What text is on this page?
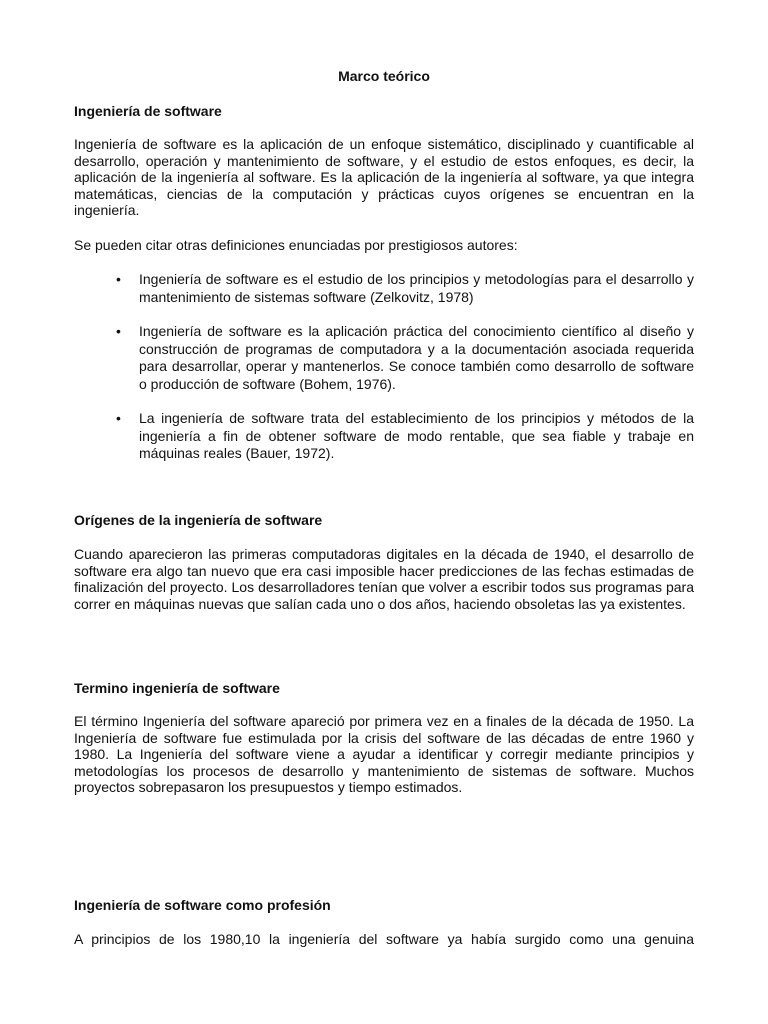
Marco teórico
Ingeniería de software

Ingeniería de software es la aplicación de un enfoque sistemático, disciplinado y cuantificable al desarrollo, operación y mantenimiento de software, y el estudio de estos enfoques, es decir, la aplicación de la ingeniería al software. Es la aplicación de la ingeniería al software, ya que integra matemáticas, ciencias de la computación y prácticas cuyos orígenes se encuentran en la ingeniería.

Se pueden citar otras definiciones enunciadas por prestigiosos autores:

• Ingeniería de software es el estudio de los principios y metodologías para el desarrollo y mantenimiento de sistemas software (Zelkovitz, 1978)
• Ingeniería de software es la aplicación práctica del conocimiento científico al diseño y construcción de programas de computadora y a la documentación asociada requerida para desarrollar, operar y mantenerlos. Se conoce también como desarrollo de software o producción de software (Bohem, 1976).
• La ingeniería de software trata del establecimiento de los principios y métodos de la ingeniería a fin de obtener software de modo rentable, que sea fiable y trabaje en máquinas reales (Bauer, 1972).
Orígenes de la ingeniería de software

Cuando aparecieron las primeras computadoras digitales en la década de 1940, el desarrollo de software era algo tan nuevo que era casi imposible hacer predicciones de las fechas estimadas de finalización del proyecto. Los desarrolladores tenían que volver a escribir todos sus programas para correr en máquinas nuevas que salían cada uno o dos años, haciendo obsoletas las ya existentes.

Termino ingeniería de software

El término Ingeniería del software apareció por primera vez en a finales de la década de 1950. La Ingeniería de software fue estimulada por la crisis del software de las décadas de entre 1960 y 1980. La Ingeniería del software viene a ayudar a identificar y corregir mediante principios y metodologías los procesos de desarrollo y mantenimiento de sistemas de software. Muchos proyectos sobrepasaron los presupuestos y tiempo estimados.

Ingeniería de software como profesión

A principios de los 1980,10 la ingeniería del software ya había surgido como una genuina
